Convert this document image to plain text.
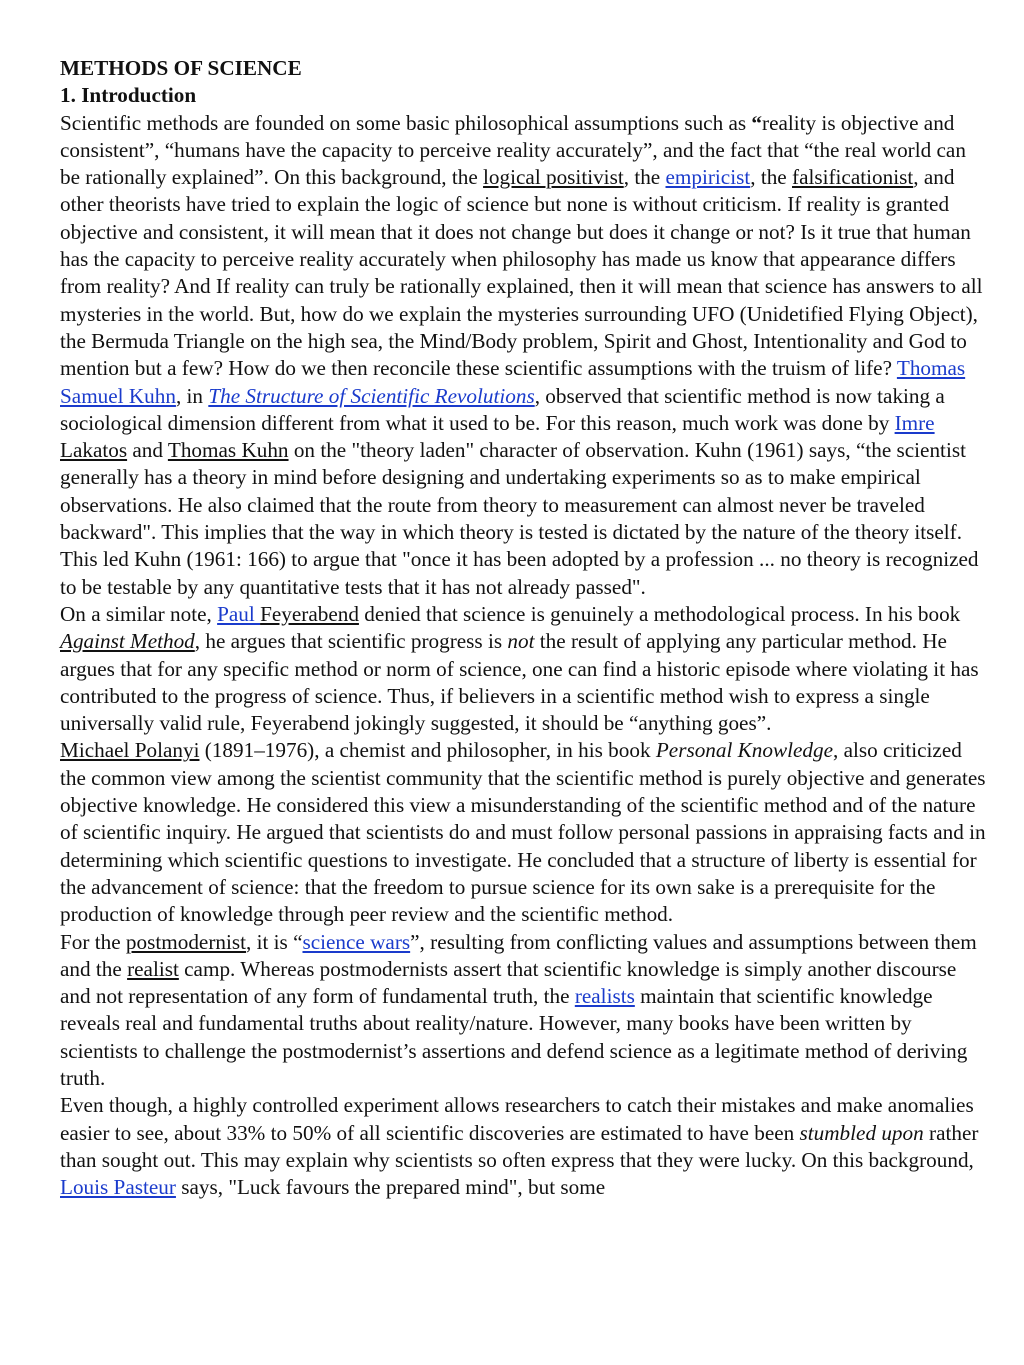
METHODS OF SCIENCE

1. Introduction

Scientific methods are founded on some basic philosophical assumptions such as “reality is objective and consistent”, “humans have the capacity to perceive reality accurately”, and the fact that “the real world can be rationally explained”. On this background, the logical positivist, the empiricist, the falsificationist, and other theorists have tried to explain the logic of science but none is without criticism. If reality is granted objective and consistent, it will mean that it does not change but does it change or not? Is it true that human has the capacity to perceive reality accurately when philosophy has made us know that appearance differs from reality? And If reality can truly be rationally explained, then it will mean that science has answers to all mysteries in the world. But, how do we explain the mysteries surrounding UFO (Unidetified Flying Object), the Bermuda Triangle on the high sea, the Mind/Body problem, Spirit and Ghost, Intentionality and God to mention but a few? How do we then reconcile these scientific assumptions with the truism of life? Thomas Samuel Kuhn, in The Structure of Scientific Revolutions, observed that scientific method is now taking a sociological dimension different from what it used to be. For this reason, much work was done by Imre Lakatos and Thomas Kuhn on the "theory laden" character of observation. Kuhn (1961) says, “the scientist generally has a theory in mind before designing and undertaking experiments so as to make empirical observations. He also claimed that the route from theory to measurement can almost never be traveled backward". This implies that the way in which theory is tested is dictated by the nature of the theory itself. This led Kuhn (1961: 166) to argue that "once it has been adopted by a profession ... no theory is recognized to be testable by any quantitative tests that it has not already passed".

On a similar note, Paul Feyerabend denied that science is genuinely a methodological process. In his book Against Method, he argues that scientific progress is not the result of applying any particular method. He argues that for any specific method or norm of science, one can find a historic episode where violating it has contributed to the progress of science. Thus, if believers in a scientific method wish to express a single universally valid rule, Feyerabend jokingly suggested, it should be “anything goes”.

Michael Polanyi (1891–1976), a chemist and philosopher, in his book Personal Knowledge, also criticized the common view among the scientist community that the scientific method is purely objective and generates objective knowledge. He considered this view a misunderstanding of the scientific method and of the nature of scientific inquiry. He argued that scientists do and must follow personal passions in appraising facts and in determining which scientific questions to investigate. He concluded that a structure of liberty is essential for the advancement of science: that the freedom to pursue science for its own sake is a prerequisite for the production of knowledge through peer review and the scientific method.

For the postmodernist, it is “science wars”, resulting from conflicting values and assumptions between them and the realist camp. Whereas postmodernists assert that scientific knowledge is simply another discourse and not representation of any form of fundamental truth, the realists maintain that scientific knowledge reveals real and fundamental truths about reality/nature. However, many books have been written by scientists to challenge the postmodernist’s assertions and defend science as a legitimate method of deriving truth.

Even though, a highly controlled experiment allows researchers to catch their mistakes and make anomalies easier to see, about 33% to 50% of all scientific discoveries are estimated to have been stumbled upon rather than sought out. This may explain why scientists so often express that they were lucky. On this background, Louis Pasteur says, "Luck favours the prepared mind", but some
